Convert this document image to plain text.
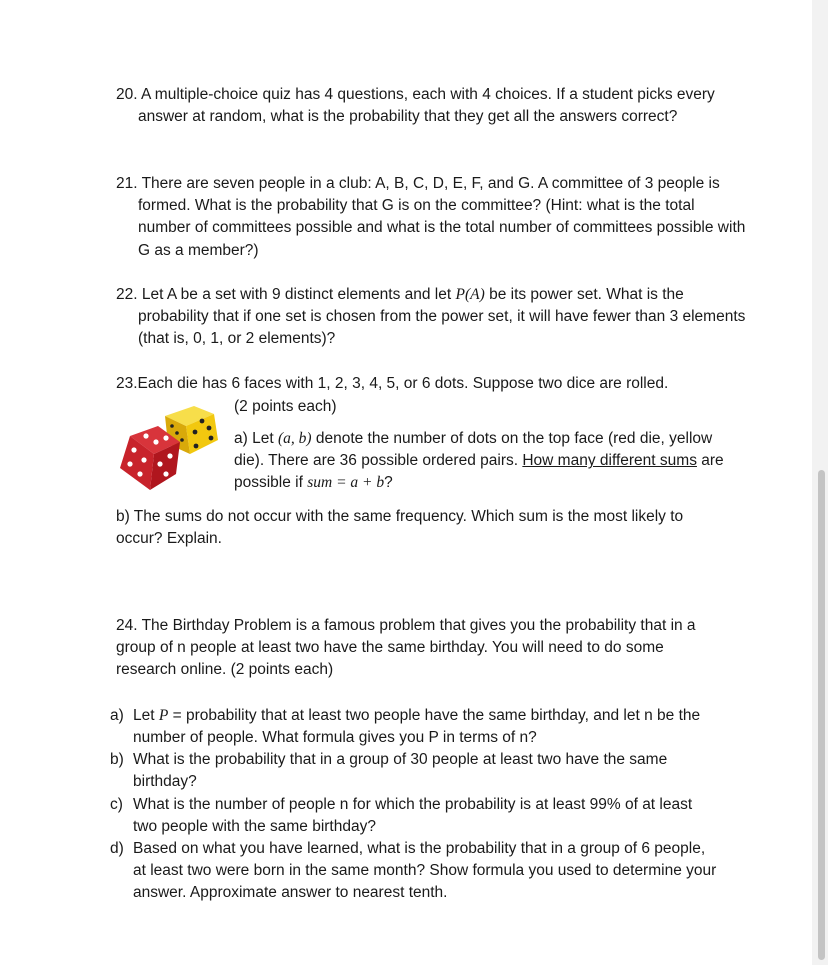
20. A multiple-choice quiz has 4 questions, each with 4 choices. If a student picks every answer at random, what is the probability that they get all the answers correct?

21. There are seven people in a club: A, B, C, D, E, F, and G. A committee of 3 people is formed. What is the probability that G is on the committee? (Hint: what is the total number of committees possible and what is the total number of committees possible with G as a member?)

22. Let A be a set with 9 distinct elements and let P(A) be its power set. What is the probability that if one set is chosen from the power set, it will have fewer than 3 elements (that is, 0, 1, or 2 elements)?

23.Each die has 6 faces with 1, 2, 3, 4, 5, or 6 dots. Suppose two dice are rolled.

(2 points each)

a) Let (a, b) denote the number of dots on the top face (red die, yellow die). There are 36 possible ordered pairs. How many different sums are possible if sum = a + b?

b) The sums do not occur with the same frequency. Which sum is the most likely to occur? Explain.

24. The Birthday Problem is a famous problem that gives you the probability that in a group of n people at least two have the same birthday. You will need to do some research online. (2 points each)

a) Let P = probability that at least two people have the same birthday, and let n be the number of people. What formula gives you P in terms of n?
b) What is the probability that in a group of 30 people at least two have the same birthday?
c) What is the number of people n for which the probability is at least 99% of at least two people with the same birthday?
d) Based on what you have learned, what is the probability that in a group of 6 people, at least two were born in the same month? Show formula you used to determine your answer. Approximate answer to nearest tenth.
